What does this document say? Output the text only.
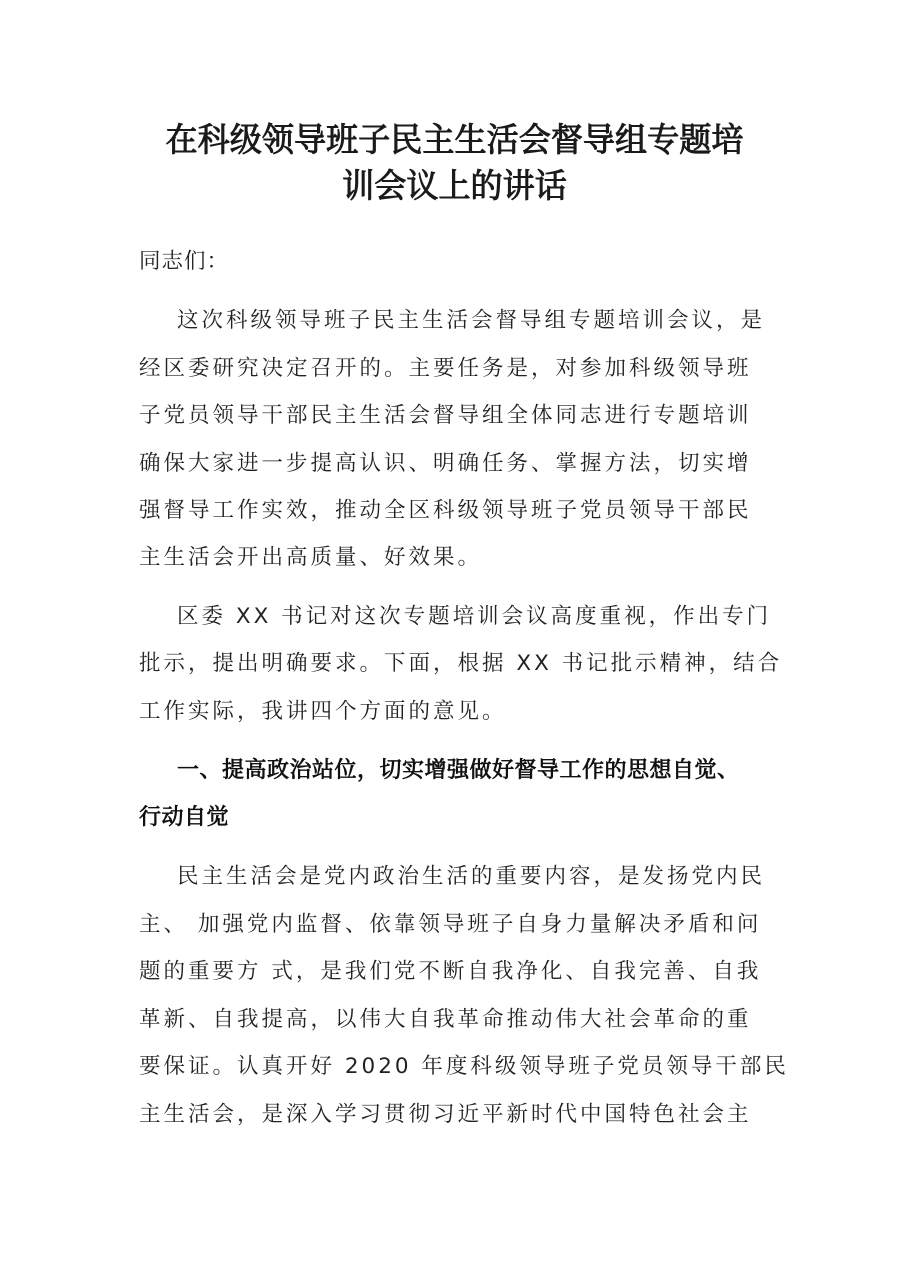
在科级领导班子民主生活会督导组专题培
训会议上的讲话

同志们：

这次科级领导班子民主生活会督导组专题培训会议，是

经区委研究决定召开的。主要任务是，对参加科级领导班

子党员领导干部民主生活会督导组全体同志进行专题培训

确保大家进一步提高认识、明确任务、掌握方法，切实增

强督导工作实效，推动全区科级领导班子党员领导干部民

主生活会开出高质量、好效果。

区委 XX 书记对这次专题培训会议高度重视，作出专门

批示，提出明确要求。下面，根据 XX 书记批示精神，结合

工作实际，我讲四个方面的意见。

一、提高政治站位，切实增强做好督导工作的思想自觉、

行动自觉

民主生活会是党内政治生活的重要内容，是发扬党内民

主、 加强党内监督、依靠领导班子自身力量解决矛盾和问

题的重要方 式，是我们党不断自我净化、自我完善、自我

革新、自我提高，以伟大自我革命推动伟大社会革命的重

要保证。认真开好 2020 年度科级领导班子党员领导干部民

主生活会，是深入学习贯彻习近平新时代中国特色社会主
